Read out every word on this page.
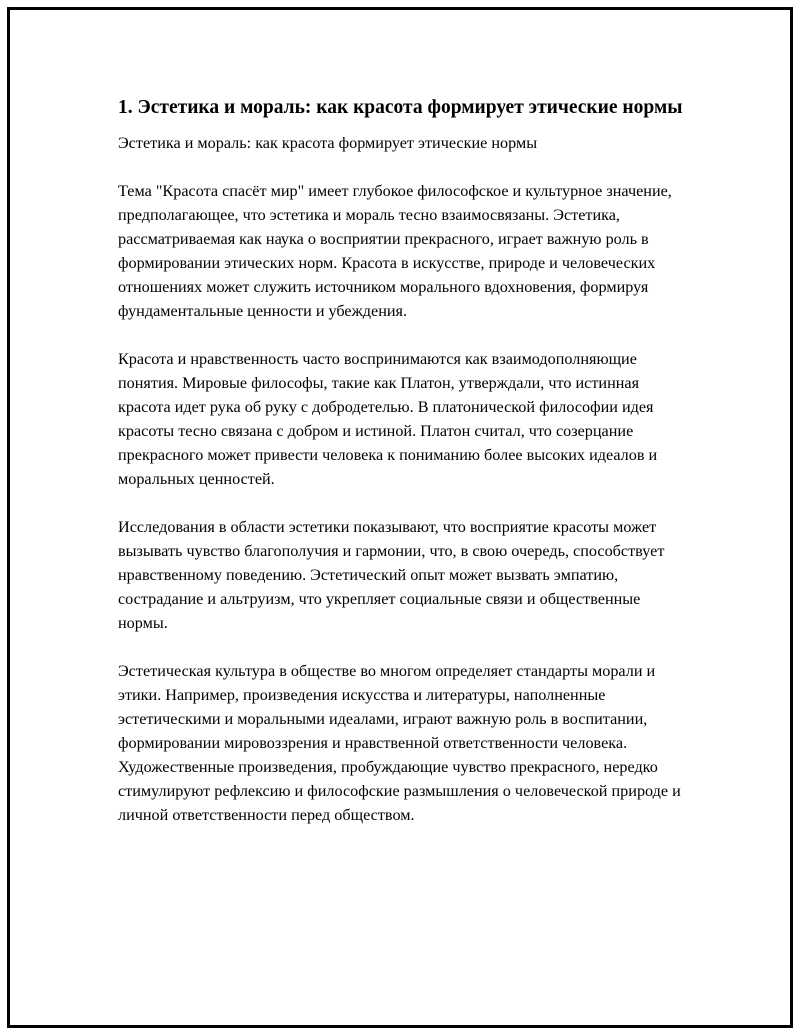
1. Эстетика и мораль: как красота формирует этические нормы

Эстетика и мораль: как красота формирует этические нормы

Тема "Красота спасёт мир" имеет глубокое философское и культурное значение, предполагающее, что эстетика и мораль тесно взаимосвязаны. Эстетика, рассматриваемая как наука о восприятии прекрасного, играет важную роль в формировании этических норм. Красота в искусстве, природе и человеческих отношениях может служить источником морального вдохновения, формируя фундаментальные ценности и убеждения.

Красота и нравственность часто воспринимаются как взаимодополняющие понятия. Мировые философы, такие как Платон, утверждали, что истинная красота идет рука об руку с добродетелью. В платонической философии идея красоты тесно связана с добром и истиной. Платон считал, что созерцание прекрасного может привести человека к пониманию более высоких идеалов и моральных ценностей.

Исследования в области эстетики показывают, что восприятие красоты может вызывать чувство благополучия и гармонии, что, в свою очередь, способствует нравственному поведению. Эстетический опыт может вызвать эмпатию, сострадание и альтруизм, что укрепляет социальные связи и общественные нормы.

Эстетическая культура в обществе во многом определяет стандарты морали и этики. Например, произведения искусства и литературы, наполненные эстетическими и моральными идеалами, играют важную роль в воспитании, формировании мировоззрения и нравственной ответственности человека. Художественные произведения, пробуждающие чувство прекрасного, нередко стимулируют рефлексию и философские размышления о человеческой природе и личной ответственности перед обществом.
